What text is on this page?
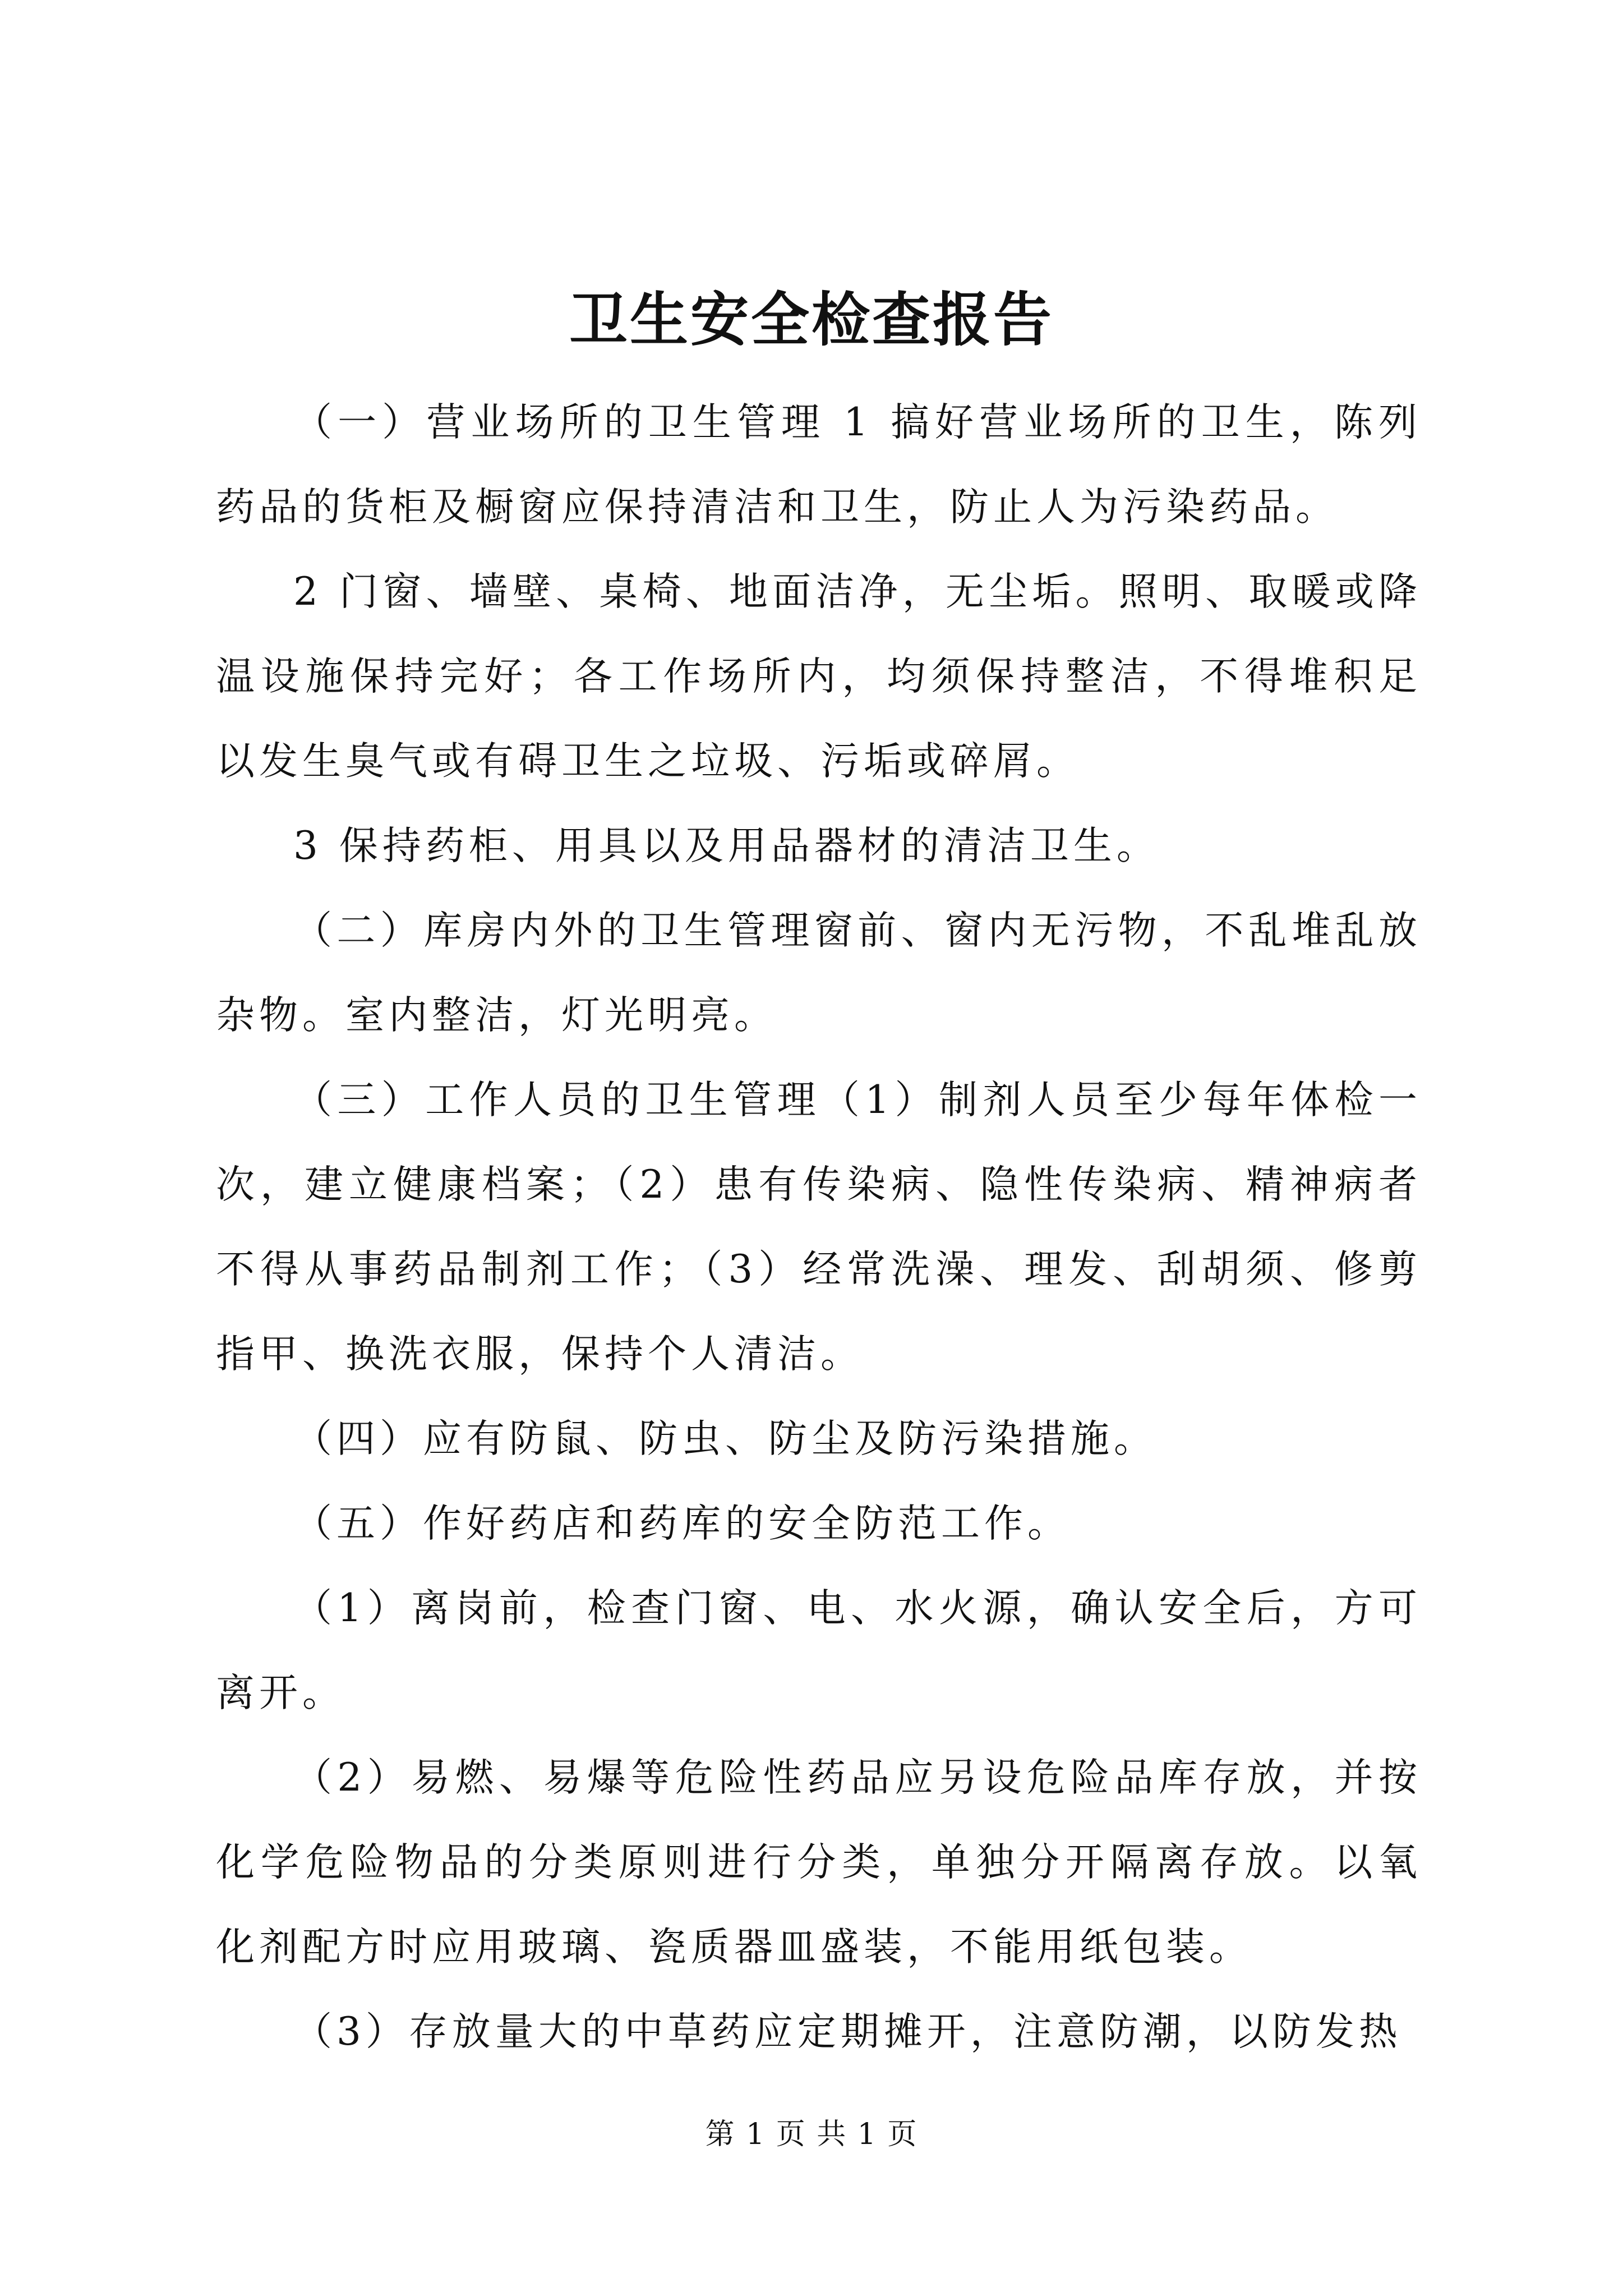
卫生安全检查报告

（一）营业场所的卫生管理 1 搞好营业场所的卫生，陈列药品的货柜及橱窗应保持清洁和卫生，防止人为污染药品。

2 门窗、墙壁、桌椅、地面洁净，无尘垢。照明、取暖或降温设施保持完好；各工作场所内，均须保持整洁，不得堆积足以发生臭气或有碍卫生之垃圾、污垢或碎屑。

3 保持药柜、用具以及用品器材的清洁卫生。

（二）库房内外的卫生管理窗前、窗内无污物，不乱堆乱放杂物。室内整洁，灯光明亮。

（三）工作人员的卫生管理（1）制剂人员至少每年体检一次，建立健康档案；（2）患有传染病、隐性传染病、精神病者不得从事药品制剂工作；（3）经常洗澡、理发、刮胡须、修剪指甲、换洗衣服，保持个人清洁。

（四）应有防鼠、防虫、防尘及防污染措施。

（五）作好药店和药库的安全防范工作。

（1）离岗前，检查门窗、电、水火源，确认安全后，方可离开。

（2）易燃、易爆等危险性药品应另设危险品库存放，并按化学危险物品的分类原则进行分类，单独分开隔离存放。以氧化剂配方时应用玻璃、瓷质器皿盛装，不能用纸包装。

（3）存放量大的中草药应定期摊开，注意防潮，以防发热

第 1 页 共 1 页
